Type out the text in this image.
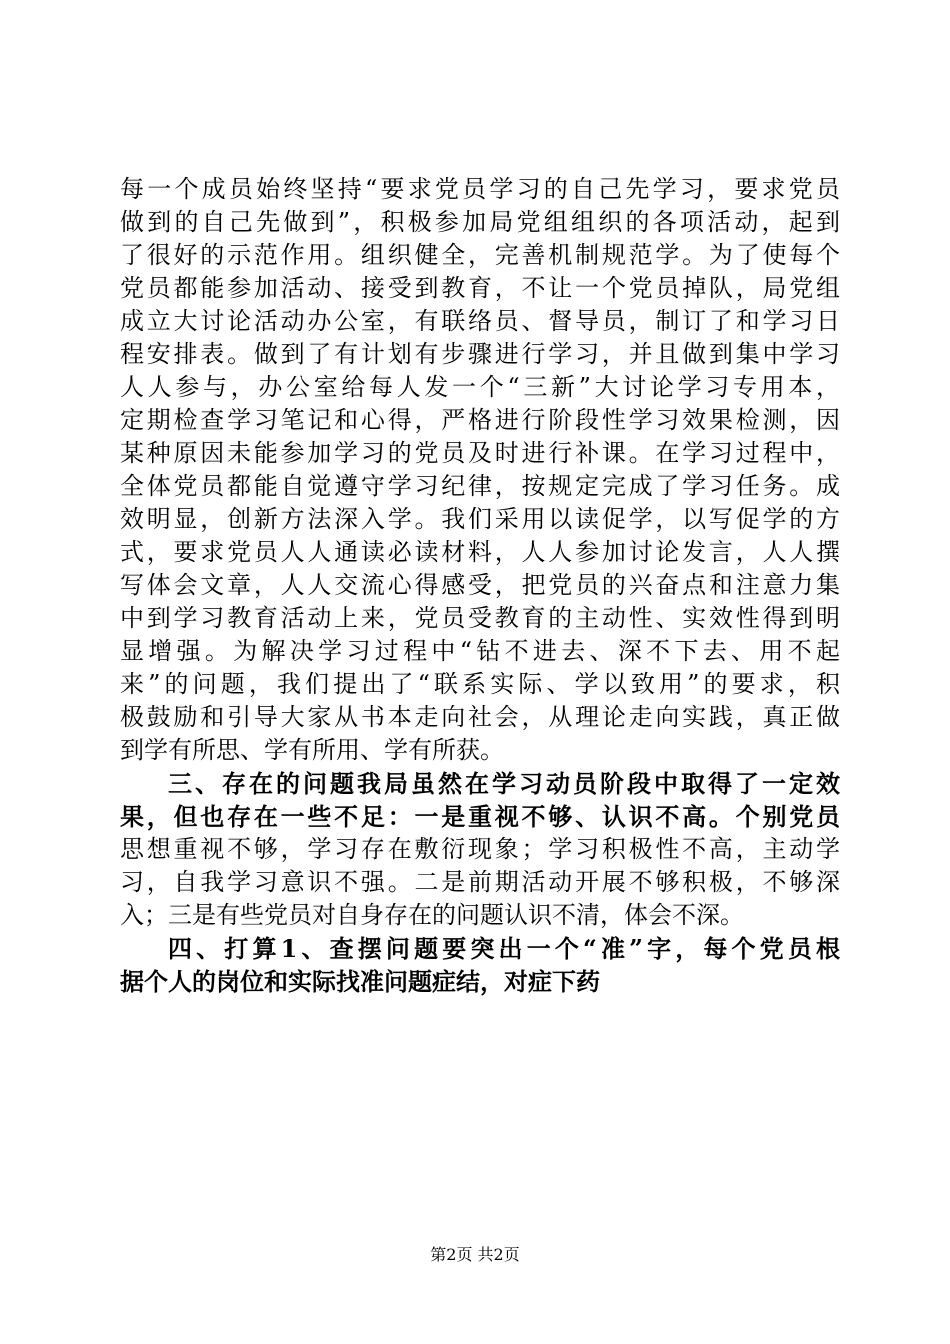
每一个成员始终坚持“要求党员学习的自己先学习，要求党员
做到的自己先做到”，积极参加局党组组织的各项活动，起到
了很好的示范作用。组织健全，完善机制规范学。为了使每个
党员都能参加活动、接受到教育，不让一个党员掉队，局党组
成立大讨论活动办公室，有联络员、督导员，制订了和学习日
程安排表。做到了有计划有步骤进行学习，并且做到集中学习
人人参与，办公室给每人发一个“三新”大讨论学习专用本，
定期检查学习笔记和心得，严格进行阶段性学习效果检测，因
某种原因未能参加学习的党员及时进行补课。在学习过程中，
全体党员都能自觉遵守学习纪律，按规定完成了学习任务。成
效明显，创新方法深入学。我们采用以读促学，以写促学的方
式，要求党员人人通读必读材料，人人参加讨论发言，人人撰
写体会文章，人人交流心得感受，把党员的兴奋点和注意力集
中到学习教育活动上来，党员受教育的主动性、实效性得到明
显增强。为解决学习过程中“钻不进去、深不下去、用不起
来”的问题，我们提出了“联系实际、学以致用”的要求，积
极鼓励和引导大家从书本走向社会，从理论走向实践，真正做
到学有所思、学有所用、学有所获。
三、存在的问题我局虽然在学习动员阶段中取得了一定效
果，但也存在一些不足：一是重视不够、认识不高。个别党员
思想重视不够，学习存在敷衍现象；学习积极性不高，主动学
习，自我学习意识不强。二是前期活动开展不够积极，不够深
入；三是有些党员对自身存在的问题认识不清，体会不深。
四、打算1、查摆问题要突出一个“准”字，每个党员根
据个人的岗位和实际找准问题症结，对症下药
第2页 共2页
